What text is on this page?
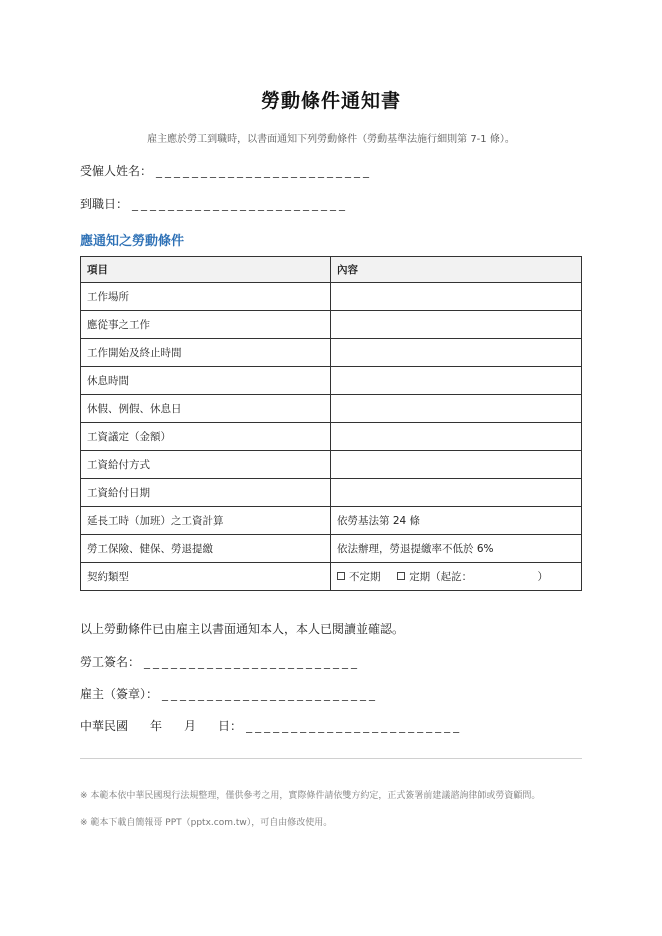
勞動條件通知書
雇主應於勞工到職時，以書面通知下列勞動條件（勞動基準法施行細則第 7-1 條）。
受僱人姓名： ________________________
到職日： ________________________
應通知之勞動條件
項目	內容
工作場所	
應從事之工作	
工作開始及終止時間	
休息時間	
休假、例假、休息日	
工資議定（金額）	
工資給付方式	
工資給付日期	
延長工時（加班）之工資計算	依勞基法第 24 條
勞工保險、健保、勞退提繳	依法辦理，勞退提繳率不低於 6%
契約類型	不定期 定期（起訖： ）
以上勞動條件已由雇主以書面通知本人，本人已閱讀並確認。
勞工簽名： ________________________
雇主（簽章）： ________________________
中華民國 年 月 日： ________________________
※ 本範本依中華民國現行法規整理，僅供參考之用，實際條件請依雙方約定，正式簽署前建議諮詢律師或勞資顧問。
※ 範本下載自簡報哥 PPT（pptx.com.tw），可自由修改使用。
